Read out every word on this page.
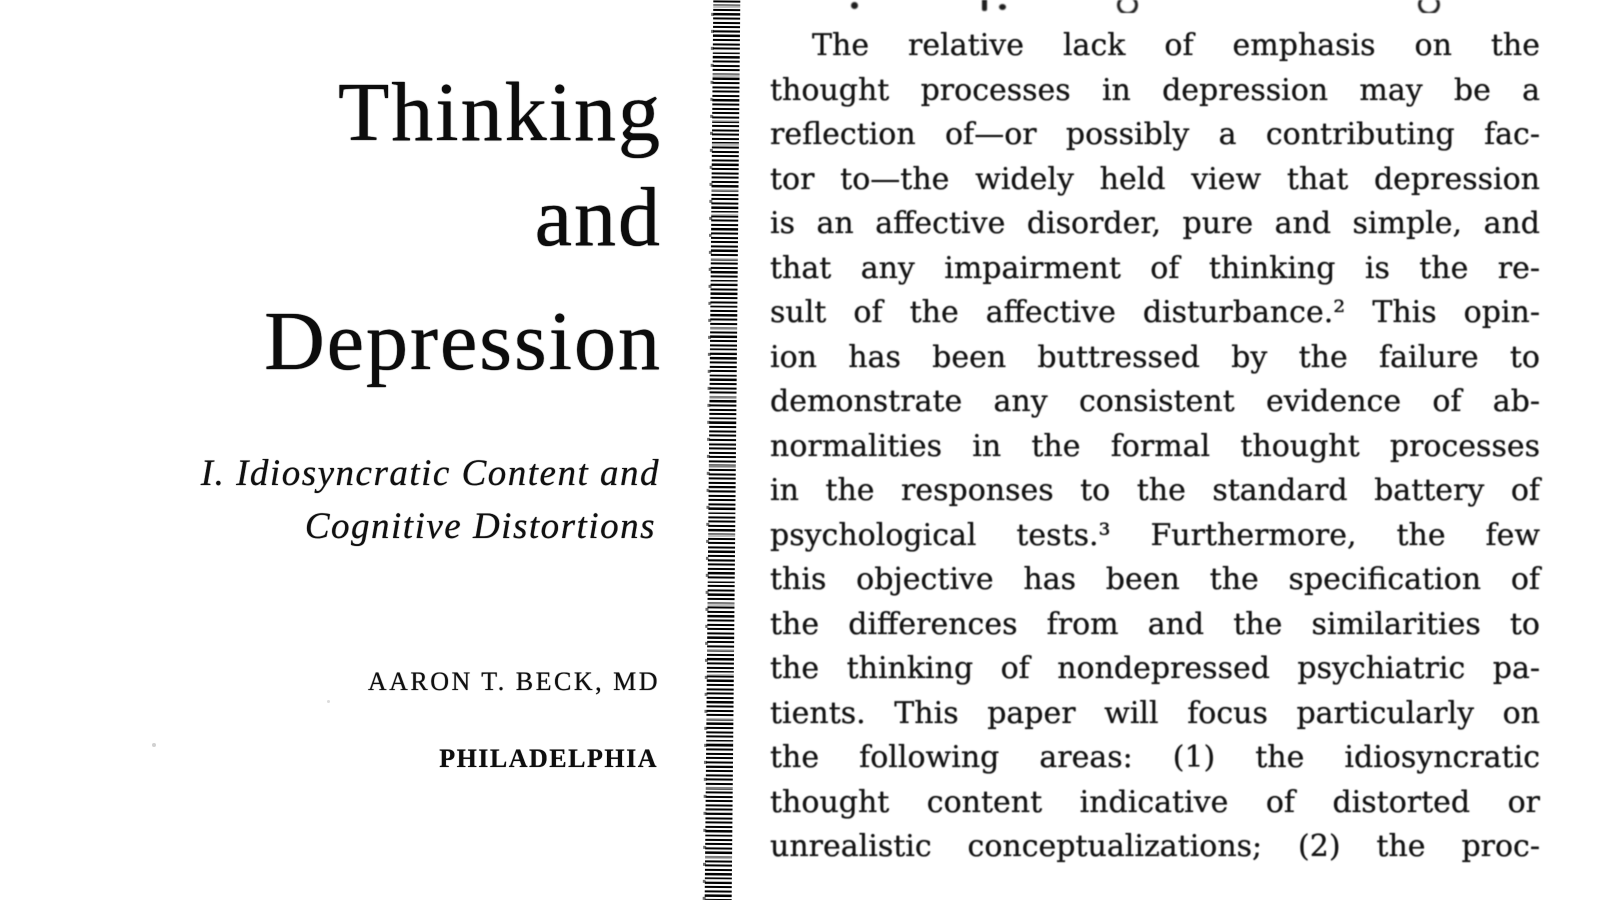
Thinking
and
Depression
I. Idiosyncratic Content and
Cognitive Distortions
AARON T. BECK, MD
PHILADELPHIA
The relative lack of emphasis on the
thought processes in depression may be a
reflection of—or possibly a contributing fac-
tor to—the widely held view that depression
is an affective disorder, pure and simple, and
that any impairment of thinking is the re-
sult of the affective disturbance.² This opin-
ion has been buttressed by the failure to
demonstrate any consistent evidence of ab-
normalities in the formal thought processes
in the responses to the standard battery of
psychological tests.³ Furthermore, the few
this objective has been the specification of
the differences from and the similarities to
the thinking of nondepressed psychiatric pa-
tients. This paper will focus particularly on
the following areas: (1) the idiosyncratic
thought content indicative of distorted or
unrealistic conceptualizations; (2) the proc-
